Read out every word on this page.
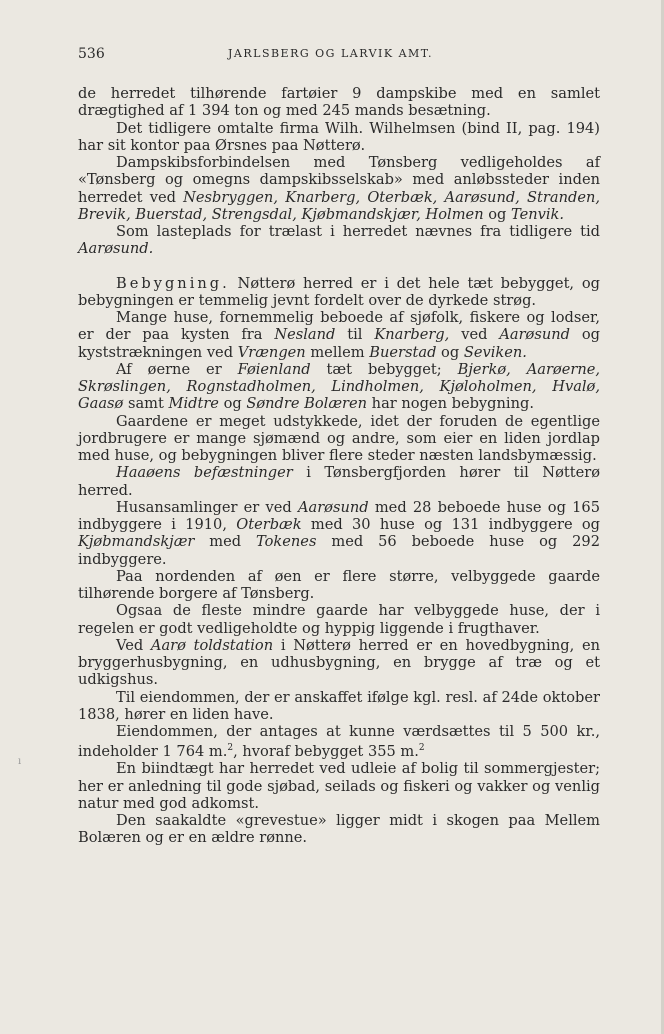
536	JARLSBERG OG LARVIK AMT.

de herredet tilhørende fartøier 9 dampskibe med en samlet drægtighed af 1 394 ton og med 245 mands besætning.

Det tidligere omtalte firma Wilh. Wilhelmsen (bind II, pag. 194) har sit kontor paa Ørsnes paa Nøtterø.

Dampskibsforbindelsen med Tønsberg vedligeholdes af «Tønsberg og omegns dampskibsselskab» med anløbssteder inden herredet ved Nesbryggen, Knarberg, Oterbæk, Aarøsund, Stranden, Brevik, Buerstad, Strengsdal, Kjøbmandskjær, Holmen og Tenvik.

Som lasteplads for trælast i herredet nævnes fra tidligere tid Aarøsund.

Bebygning. Nøtterø herred er i det hele tæt bebygget, og bebygningen er temmelig jevnt fordelt over de dyrkede strøg.

Mange huse, fornemmelig beboede af sjøfolk, fiskere og lodser, er der paa kysten fra Nesland til Knarberg, ved Aarøsund og kyststrækningen ved Vrængen mellem Buerstad og Seviken.

Af øerne er Føienland tæt bebygget; Bjerkø, Aarøerne, Skrøslingen, Rognstadholmen, Lindholmen, Kjøloholmen, Hvalø, Gaasø samt Midtre og Søndre Bolæren har nogen bebygning.

Gaardene er meget udstykkede, idet der foruden de egentlige jordbrugere er mange sjømænd og andre, som eier en liden jordlap med huse, og bebygningen bliver flere steder næsten landsbymæssig.

Haaøens befæstninger i Tønsbergfjorden hører til Nøtterø herred.

Husansamlinger er ved Aarøsund med 28 beboede huse og 165 indbyggere i 1910, Oterbæk med 30 huse og 131 indbyggere og Kjøbmandskjær med Tokenes med 56 beboede huse og 292 indbyggere.

Paa nordenden af øen er flere større, velbyggede gaarde tilhørende borgere af Tønsberg.

Ogsaa de fleste mindre gaarde har velbyggede huse, der i regelen er godt vedligeholdte og hyppig liggende i frugthaver.

Ved Aarø toldstation i Nøtterø herred er en hovedbygning, en bryggerhusbygning, en udhusbygning, en brygge af træ og et udkigshus.

Til eiendommen, der er anskaffet ifølge kgl. resl. af 24de oktober 1838, hører en liden have.

Eiendommen, der antages at kunne værdsættes til 5 500 kr., indeholder 1 764 m.$^2$, hvoraf bebygget 355 m.$^2$

En biindtægt har herredet ved udleie af bolig til sommergjester; her er anledning til gode sjøbad, seilads og fiskeri og vakker og venlig natur med god adkomst.

Den saakaldte «grevestue» ligger midt i skogen paa Mellem Bolæren og er en ældre rønne.

ı
